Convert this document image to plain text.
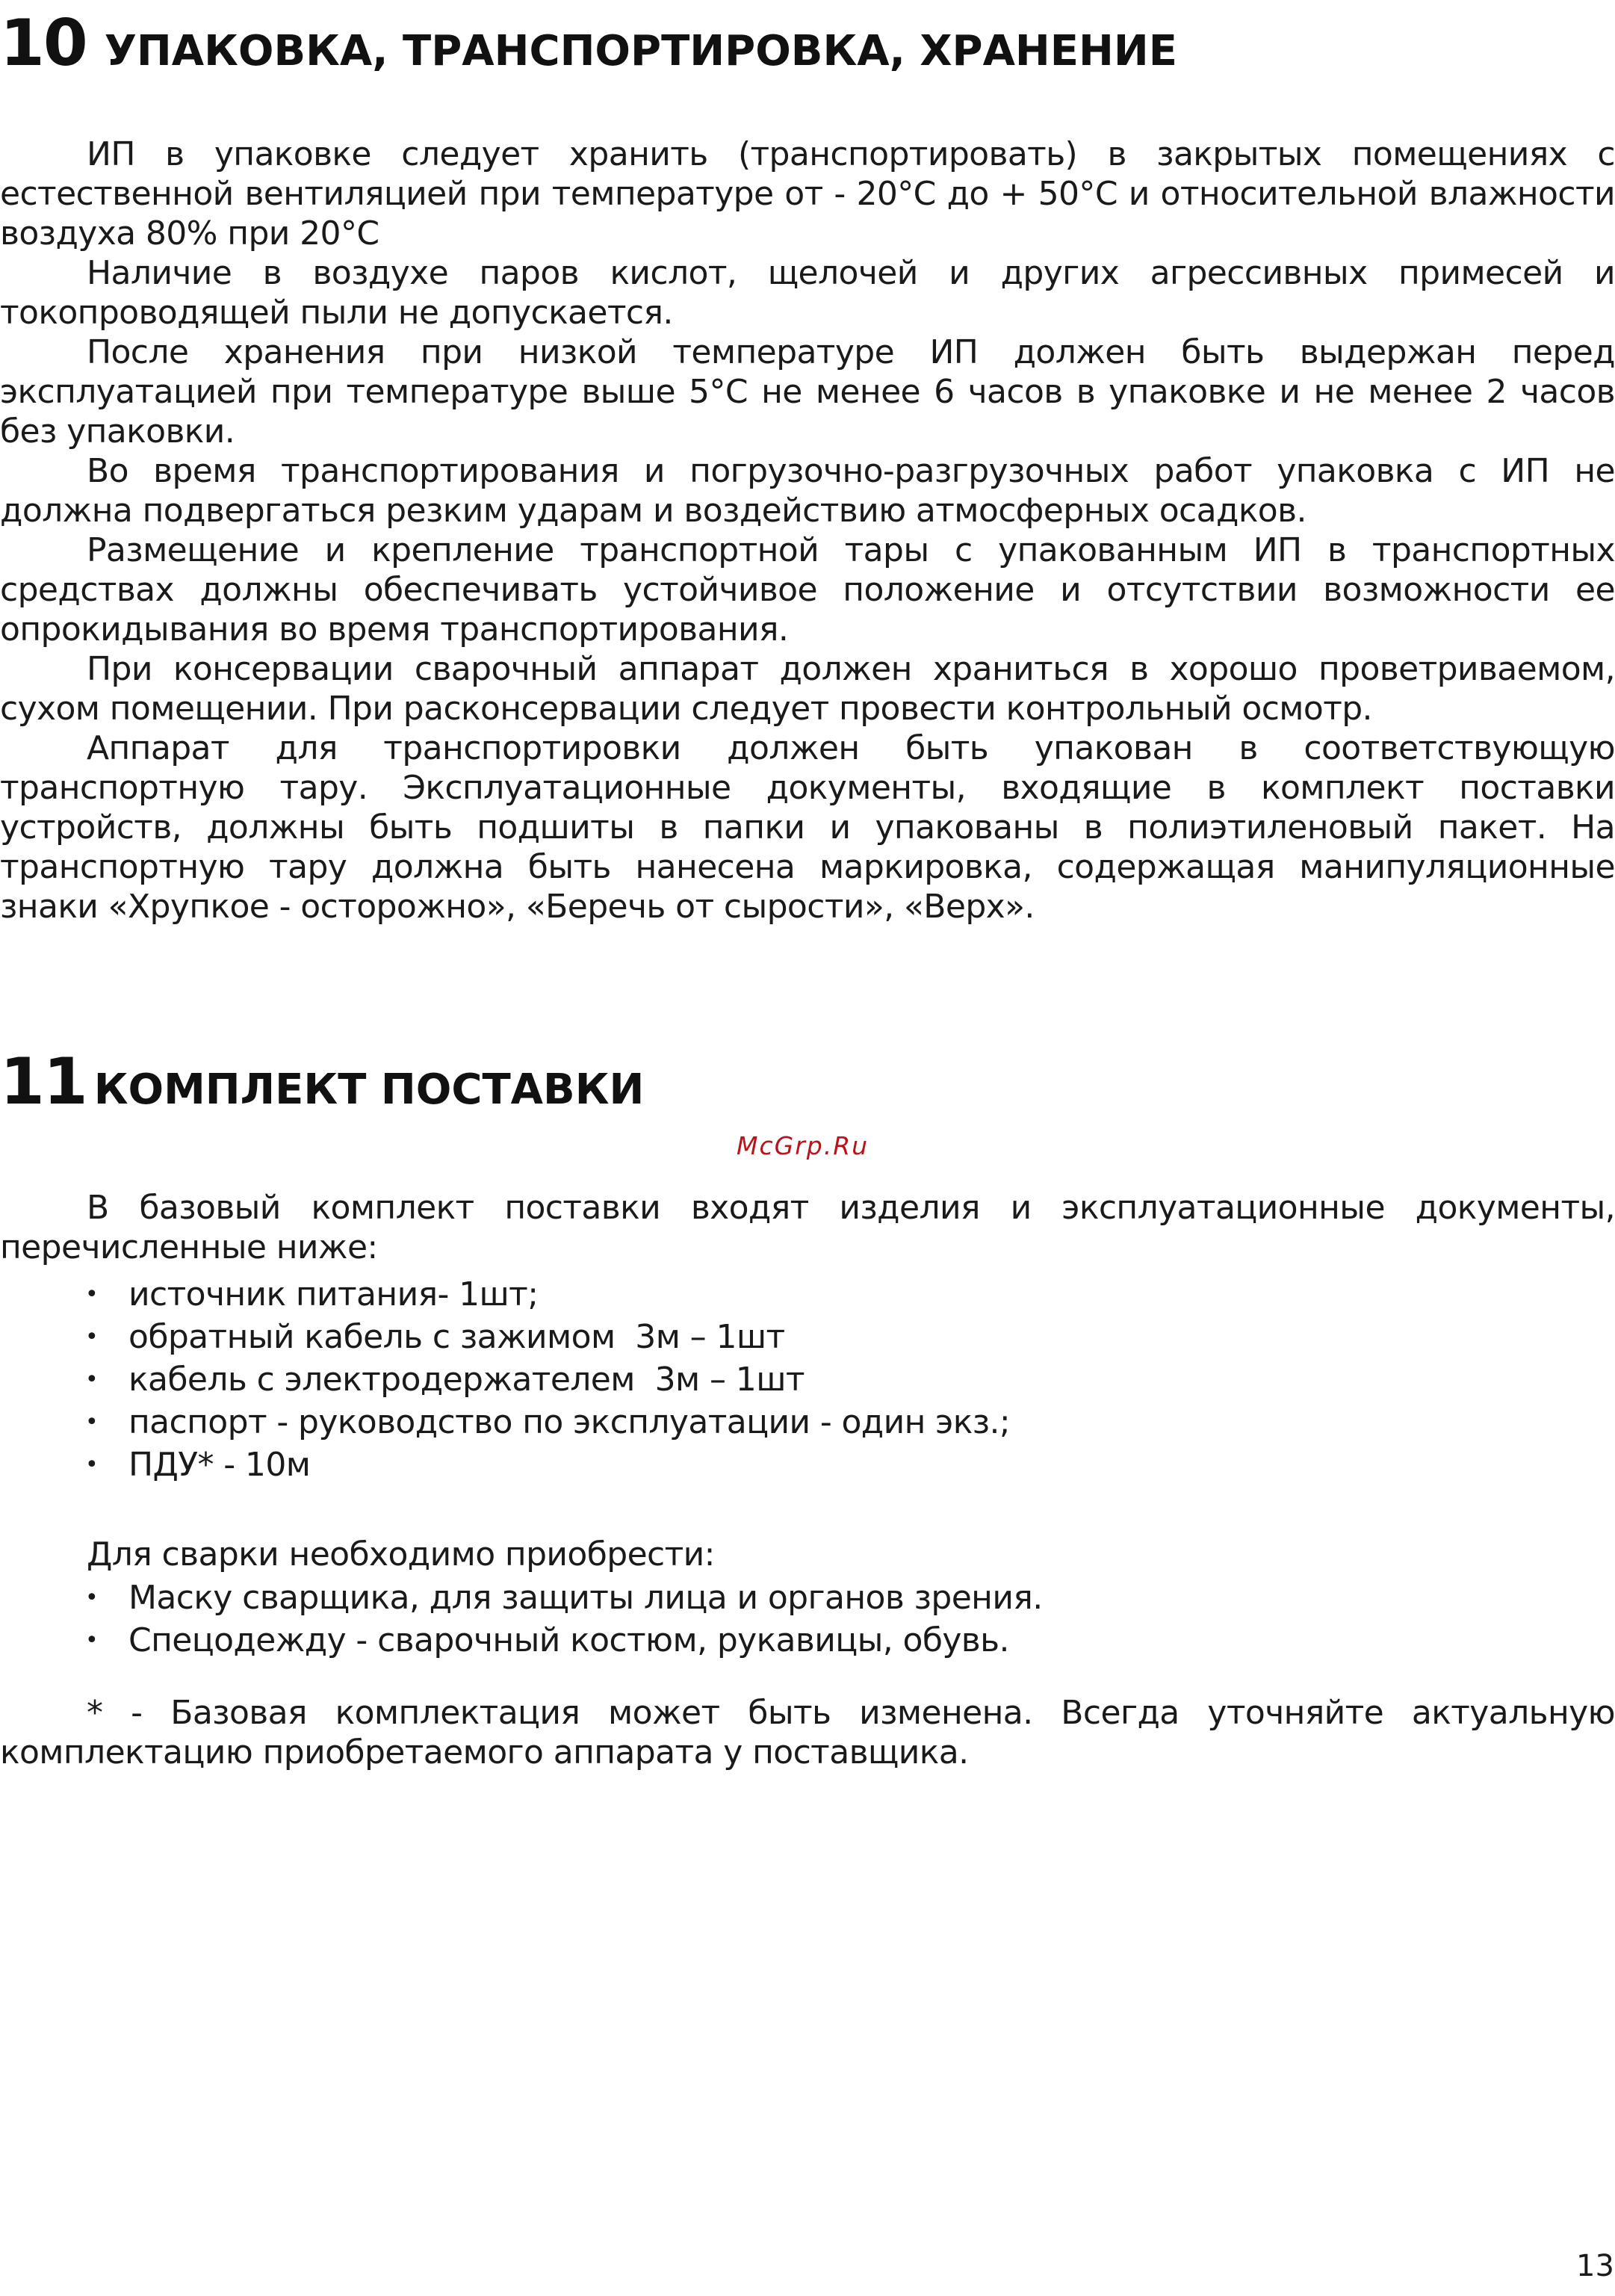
10 УПАКОВКА, ТРАНСПОРТИРОВКА, ХРАНЕНИЕ

ИП в упаковке следует хранить (транспортировать) в закрытых помещениях с естественной вентиляцией при температуре от - 20°С до + 50°С и относительной влажности воздуха 80% при 20°С

Наличие в воздухе паров кислот, щелочей и других агрессивных примесей и токопроводящей пыли не допускается.

После хранения при низкой температуре ИП должен быть выдержан перед эксплуатацией при температуре выше 5°С не менее 6 часов в упаковке и не менее 2 часов без упаковки.

Во время транспортирования и погрузочно-разгрузочных работ упаковка с ИП не должна подвергаться резким ударам и воздействию атмосферных осадков.

Размещение и крепление транспортной тары с упакованным ИП в транспортных средствах должны обеспечивать устойчивое положение и отсутствии возможности ее опрокидывания во время транспортирования.

При консервации сварочный аппарат должен храниться в хорошо проветриваемом, сухом помещении. При расконсервации следует провести контрольный осмотр.

Аппарат для транспортировки должен быть упакован в соответствующую транспортную тару. Эксплуатационные документы, входящие в комплект поставки устройств, должны быть подшиты в папки и упакованы в полиэтиленовый пакет. На транспортную тару должна быть нанесена маркировка, содержащая манипуляционные знаки «Хрупкое - осторожно», «Беречь от сырости», «Верх».

11 КОМПЛЕКТ ПОСТАВКИ
McGrp.Ru

В базовый комплект поставки входят изделия и эксплуатационные документы, перечисленные ниже:

• источник питания- 1шт;
• обратный кабель с зажимом  3м – 1шт
• кабель с электродержателем  3м – 1шт
• паспорт - руководство по эксплуатации - один экз.;
• ПДУ* - 10м

Для сварки необходимо приобрести:

• Маску сварщика, для защиты лица и органов зрения.
• Спецодежду - сварочный костюм, рукавицы, обувь.

* - Базовая комплектация может быть изменена. Всегда уточняйте актуальную комплектацию приобретаемого аппарата у поставщика.

13
